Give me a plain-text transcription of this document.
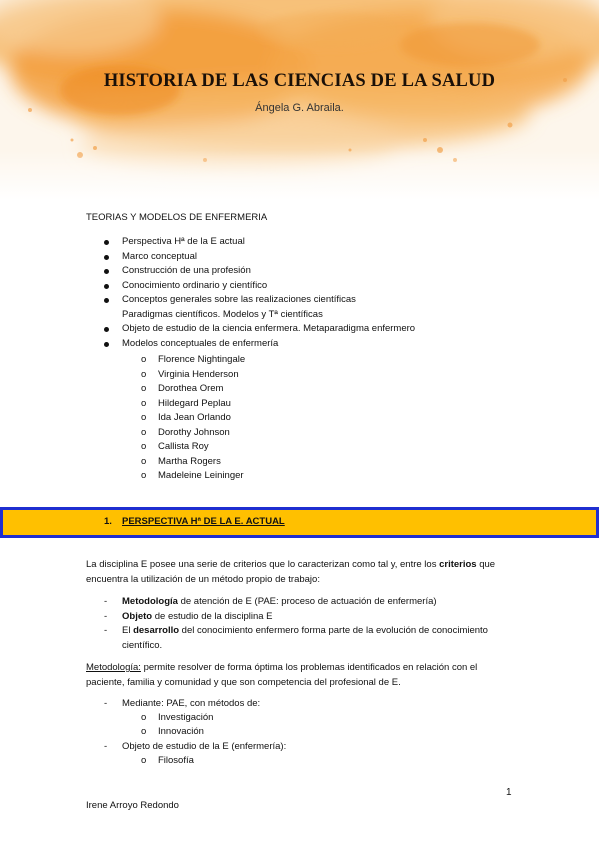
HISTORIA DE LAS CIENCIAS DE LA SALUD
Ángela G. Abraila.
TEORIAS Y MODELOS DE ENFERMERIA
Perspectiva Hª de la E actual
Marco conceptual
Construcción de una profesión
Conocimiento ordinario y científico
Conceptos generales sobre las realizaciones científicas
Paradigmas científicos. Modelos y Tª científicas
Objeto de estudio de la ciencia enfermera. Metaparadigma enfermero
Modelos conceptuales de enfermería
o Florence Nightingale
o Virginia Henderson
o Dorothea Orem
o Hildegard Peplau
o Ida Jean Orlando
o Dorothy Johnson
o Callista Roy
o Martha Rogers
o Madeleine Leininger
1. PERSPECTIVA Hª DE LA E. ACTUAL
La disciplina E posee una serie de criterios que lo caracterizan como tal y, entre los criterios que
encuentra la utilización de un método propio de trabajo:
- Metodología de atención de E (PAE: proceso de actuación de enfermería)
- Objeto de estudio de la disciplina E
- El desarrollo del conocimiento enfermero forma parte de la evolución de conocimiento
científico.
Metodología: permite resolver de forma óptima los problemas identificados en relación con el
paciente, familia y comunidad y que son competencia del profesional de E.
- Mediante: PAE, con métodos de:
o Investigación
o Innovación
- Objeto de estudio de la E (enfermería):
o Filosofía
1
Irene Arroyo Redondo
